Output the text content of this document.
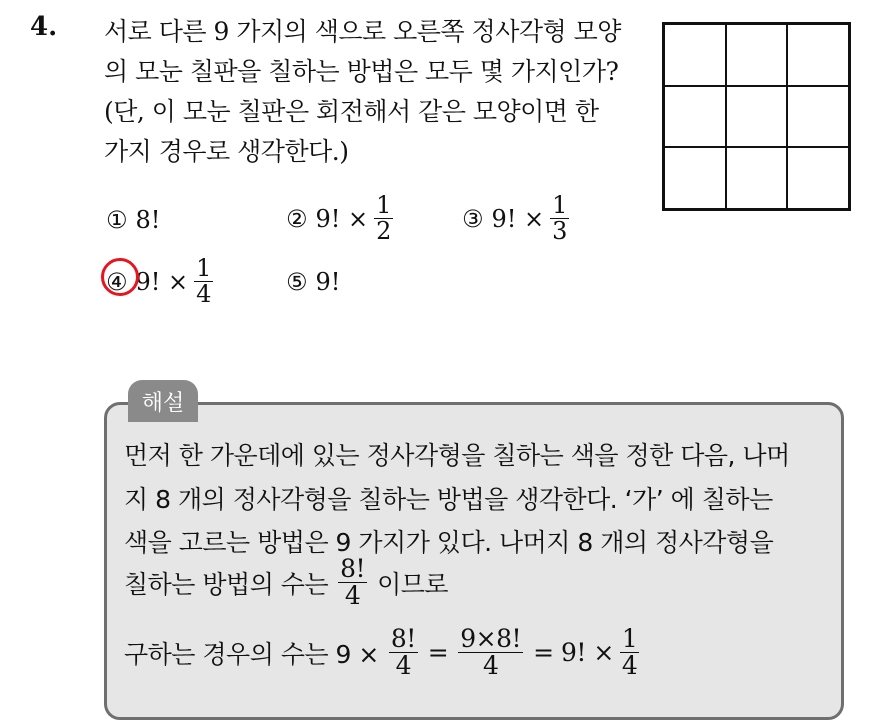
4. 서로 다른 9 가지의 색으로 오른쪽 정사각형 모양
의 모눈 칠판을 칠하는 방법은 모두 몇 가지인가?
(단, 이 모눈 칠판은 회전해서 같은 모양이면 한
가지 경우로 생각한다.)
① 8!	② 9! × $\frac{1}{2}$	③ 9! × $\frac{1}{3}$
④ 9! × $\frac{1}{4}$	⑤ 9!
해설
먼저 한 가운데에 있는 정사각형을 칠하는 색을 정한 다음, 나머
지 8 개의 정사각형을 칠하는 방법을 생각한다. ‘가’ 에 칠하는
색을 고르는 방법은 9 가지가 있다. 나머지 8 개의 정사각형을
칠하는 방법의 수는 $\frac{8!}{4}$ 이므로
구하는 경우의 수는 $9 \times \frac{8!}{4} = \frac{9\times 8!}{4} = 9$! × $\frac{1}{4}$
